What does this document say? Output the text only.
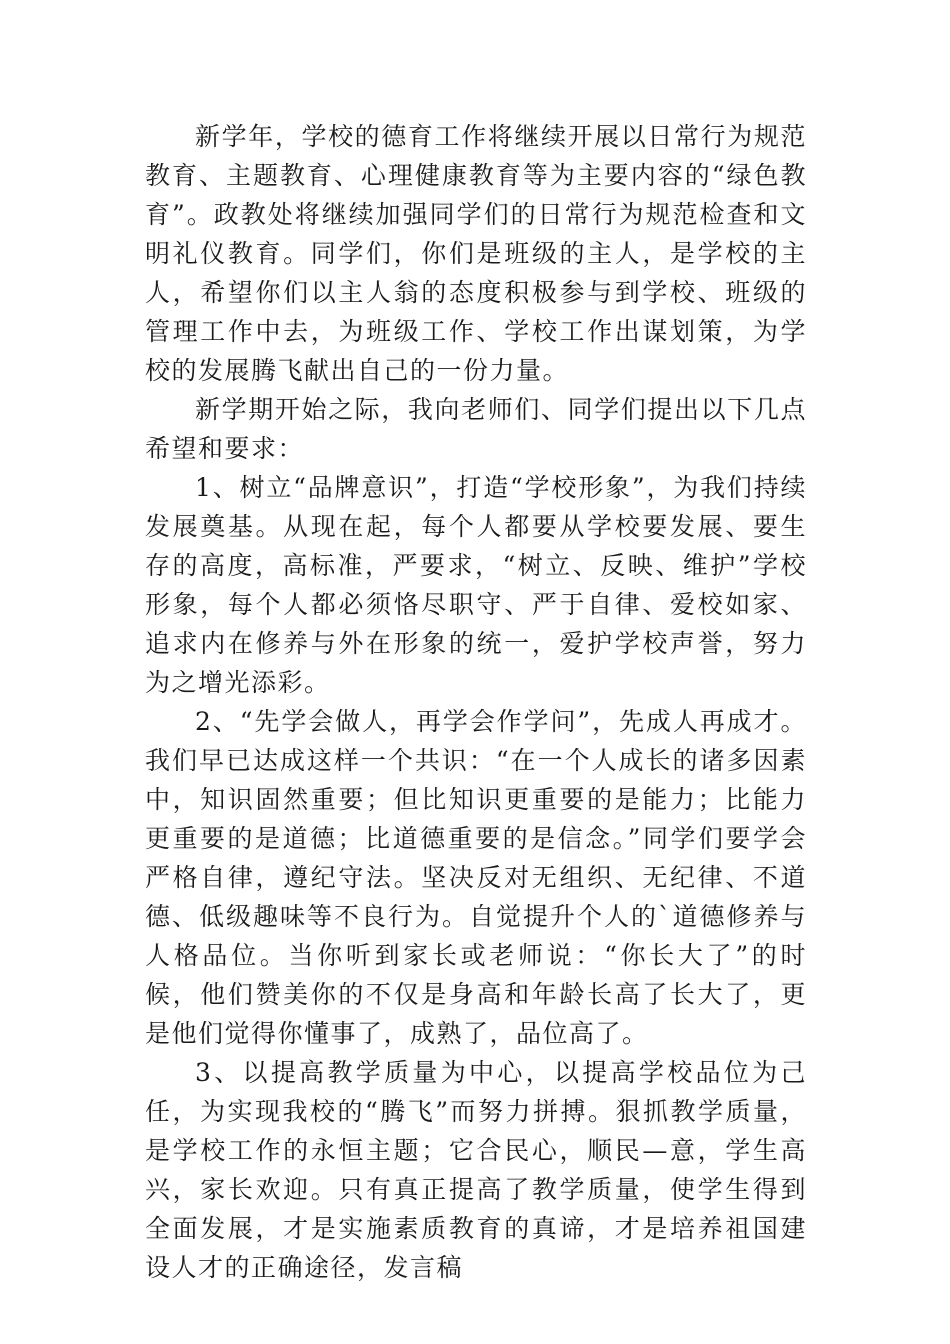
新学年，学校的德育工作将继续开展以日常行为规范教育、主题教育、心理健康教育等为主要内容的“绿色教育”。政教处将继续加强同学们的日常行为规范检查和文明礼仪教育。同学们，你们是班级的主人，是学校的主人，希望你们以主人翁的态度积极参与到学校、班级的管理工作中去，为班级工作、学校工作出谋划策，为学校的发展腾飞献出自己的一份力量。

新学期开始之际，我向老师们、同学们提出以下几点希望和要求：

1、树立“品牌意识”，打造“学校形象”，为我们持续发展奠基。从现在起，每个人都要从学校要发展、要生存的高度，高标准，严要求，“树立、反映、维护”学校形象，每个人都必须恪尽职守、严于自律、爱校如家、追求内在修养与外在形象的统一，爱护学校声誉，努力为之增光添彩。

2、“先学会做人，再学会作学问”，先成人再成才。我们早已达成这样一个共识：“在一个人成长的诸多因素中，知识固然重要；但比知识更重要的是能力；比能力更重要的是道德；比道德重要的是信念。”同学们要学会严格自律，遵纪守法。坚决反对无组织、无纪律、不道德、低级趣味等不良行为。自觉提升个人的`道德修养与人格品位。当你听到家长或老师说：“你长大了”的时候，他们赞美你的不仅是身高和年龄长高了长大了，更是他们觉得你懂事了，成熟了，品位高了。

3、以提高教学质量为中心，以提高学校品位为己任，为实现我校的“腾飞”而努力拼搏。狠抓教学质量，是学校工作的永恒主题；它合民心，顺民—意，学生高兴，家长欢迎。只有真正提高了教学质量，使学生得到全面发展，才是实施素质教育的真谛，才是培养祖国建设人才的正确途径，发言稿
